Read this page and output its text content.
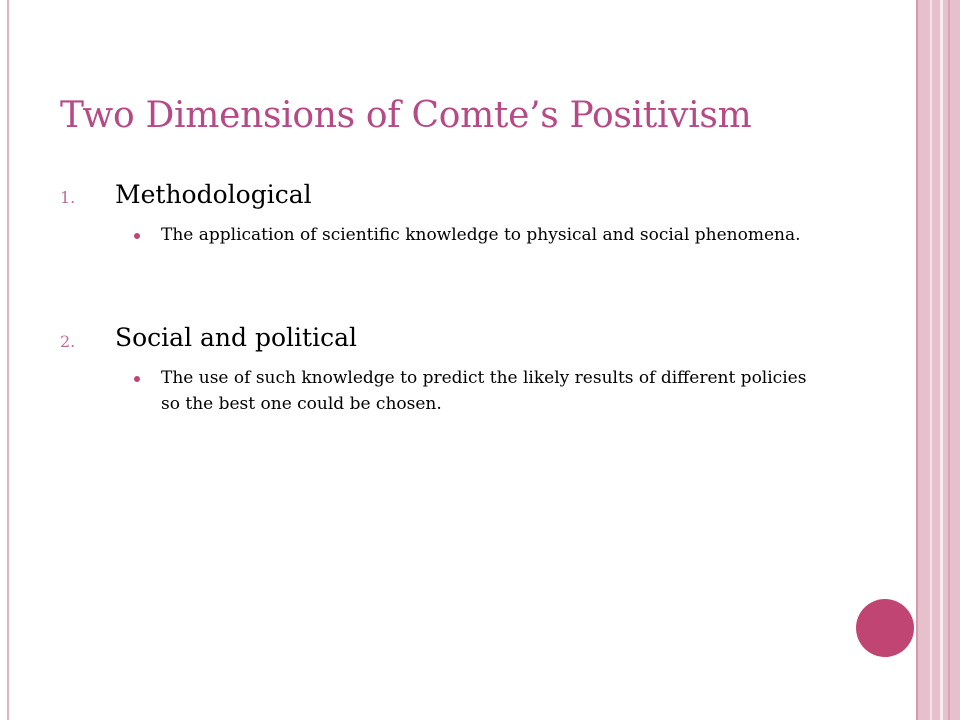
Two Dimensions of Comte’s Positivism
1. Methodological
The application of scientific knowledge to physical and social phenomena.
2. Social and political
The use of such knowledge to predict the likely results of different policies so the best one could be chosen.
